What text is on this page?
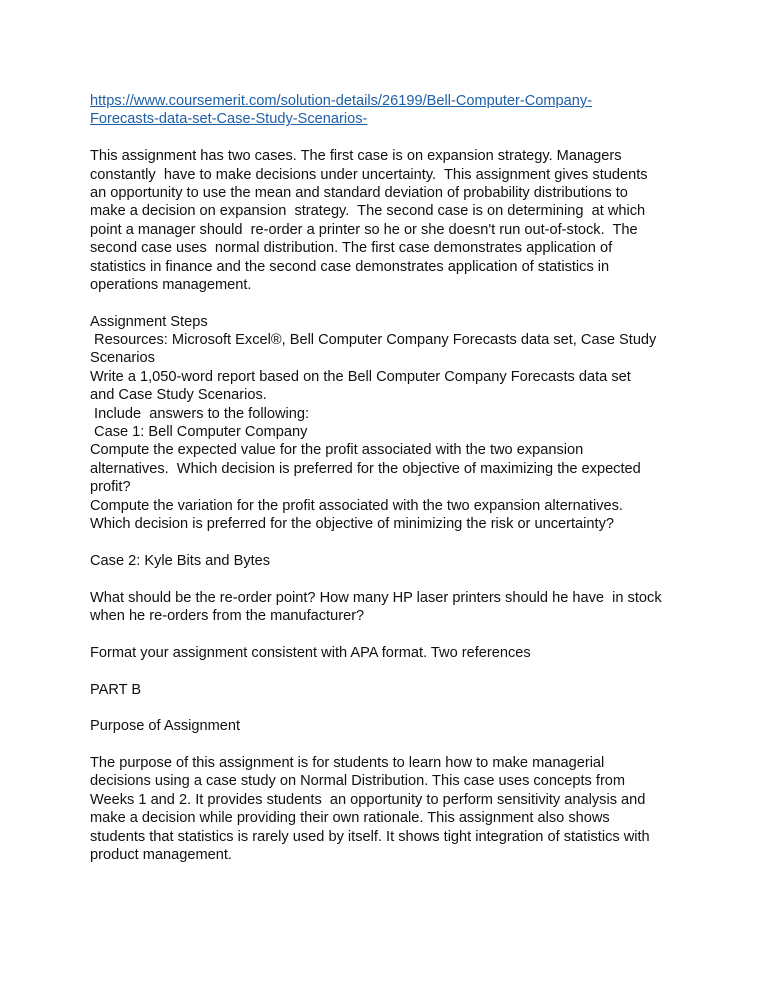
https://www.coursemerit.com/solution-details/26199/Bell-Computer-Company-
Forecasts-data-set-Case-Study-Scenarios-
This assignment has two cases. The first case is on expansion strategy. Managers
constantly  have to make decisions under uncertainty.  This assignment gives students
an opportunity to use the mean and standard deviation of probability distributions to
make a decision on expansion  strategy.  The second case is on determining  at which
point a manager should  re-order a printer so he or she doesn't run out-of-stock.  The
second case uses  normal distribution. The first case demonstrates application of
statistics in finance and the second case demonstrates application of statistics in
operations management.
Assignment Steps
Resources: Microsoft Excel®, Bell Computer Company Forecasts data set, Case Study
Scenarios
Write a 1,050-word report based on the Bell Computer Company Forecasts data set
and Case Study Scenarios.
Include  answers to the following:
Case 1: Bell Computer Company
Compute the expected value for the profit associated with the two expansion
alternatives.  Which decision is preferred for the objective of maximizing the expected
profit?
Compute the variation for the profit associated with the two expansion alternatives.
Which decision is preferred for the objective of minimizing the risk or uncertainty?
Case 2: Kyle Bits and Bytes
What should be the re-order point? How many HP laser printers should he have  in stock
when he re-orders from the manufacturer?
Format your assignment consistent with APA format. Two references
PART B
Purpose of Assignment
The purpose of this assignment is for students to learn how to make managerial
decisions using a case study on Normal Distribution. This case uses concepts from
Weeks 1 and 2. It provides students  an opportunity to perform sensitivity analysis and
make a decision while providing their own rationale. This assignment also shows
students that statistics is rarely used by itself. It shows tight integration of statistics with
product management.
